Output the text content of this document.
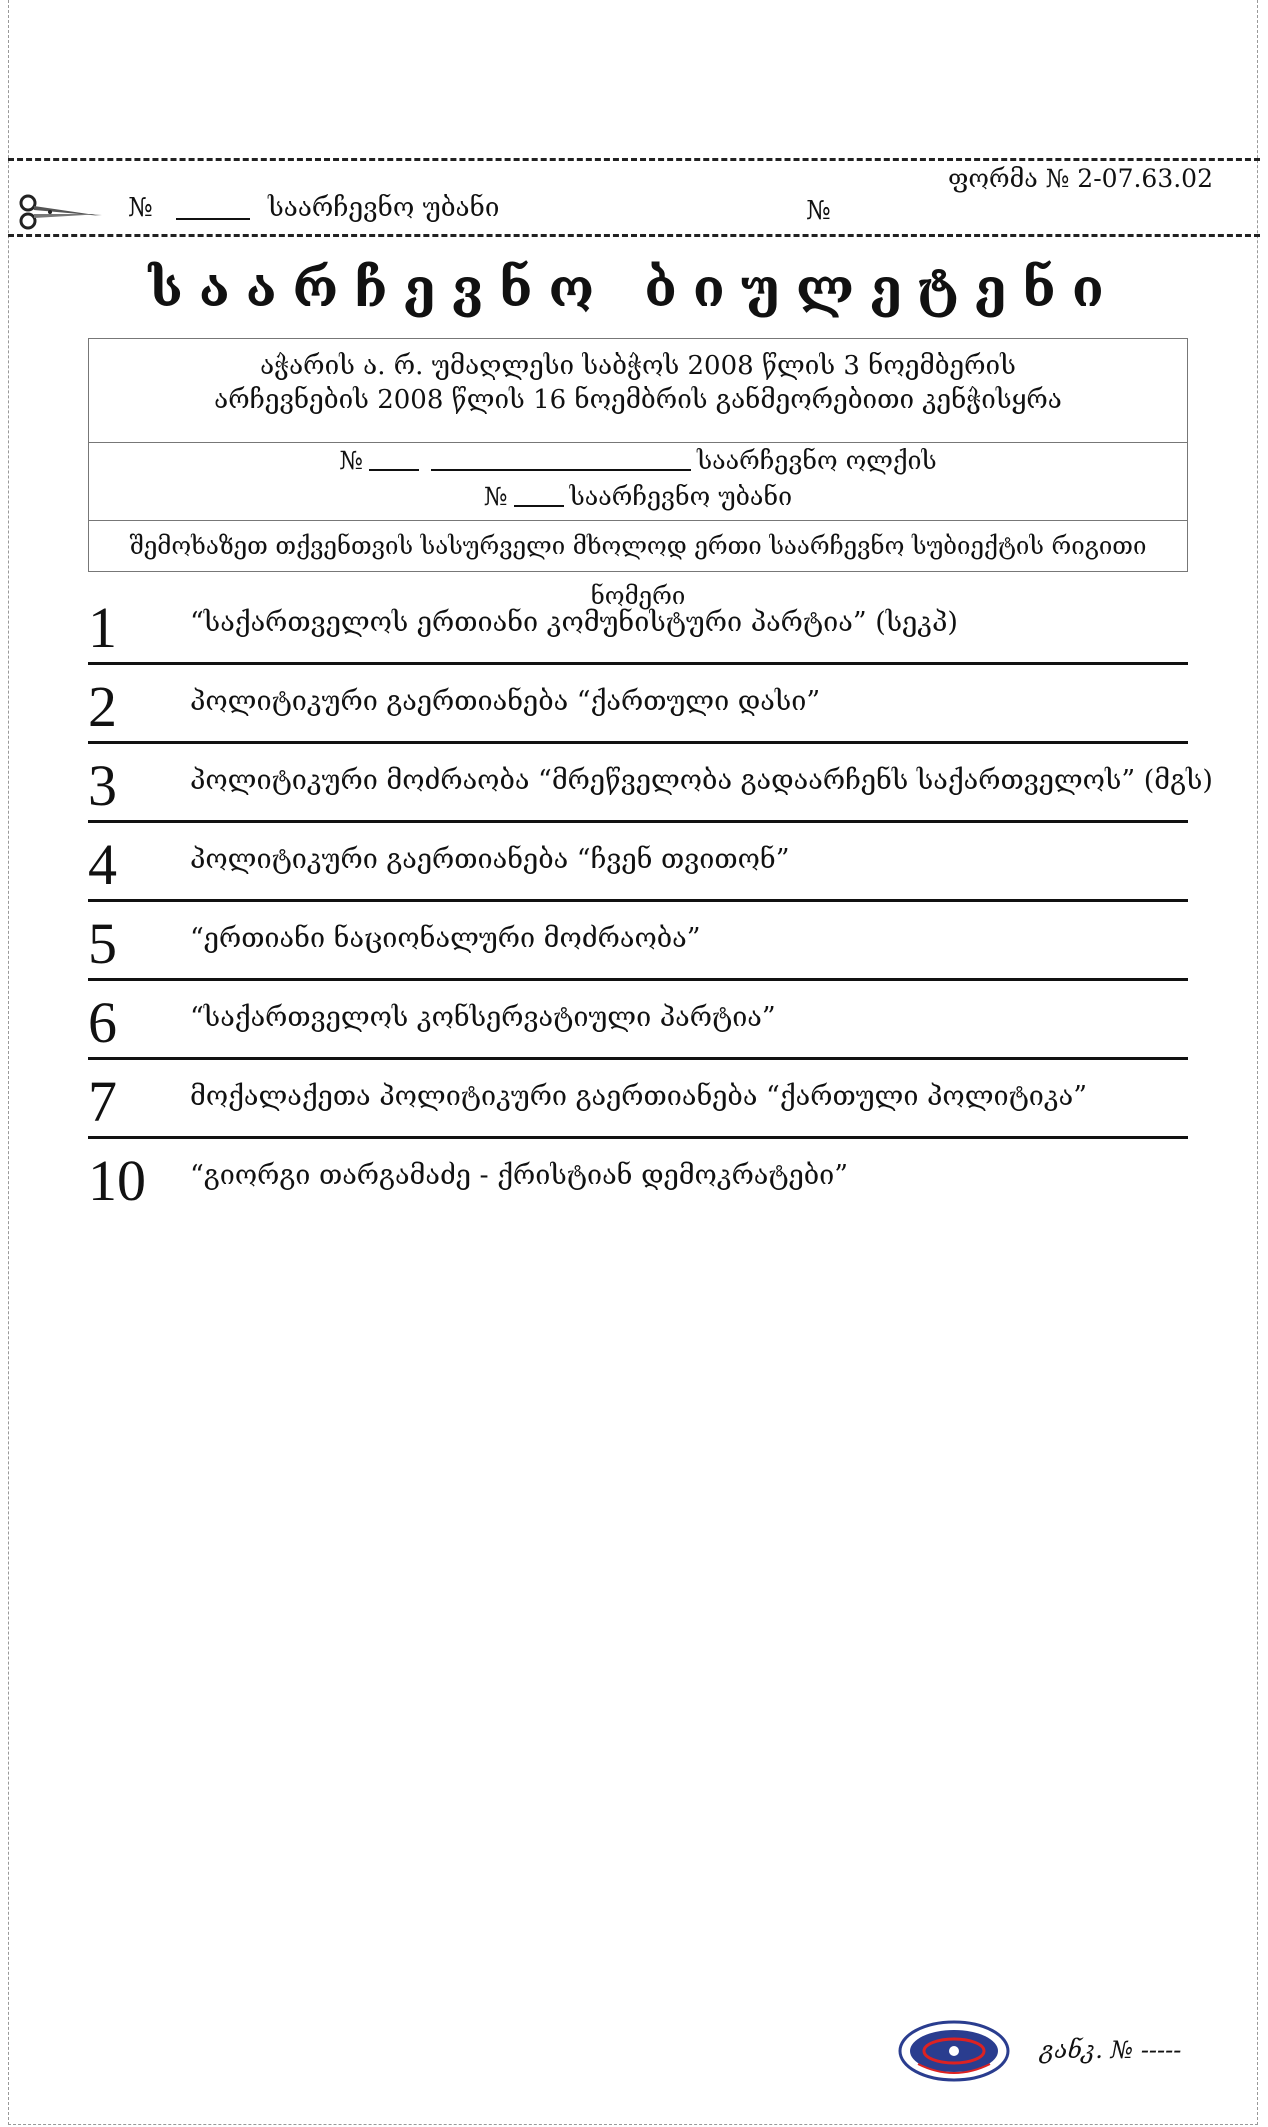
№	საარჩევნო უბანი	№
ფორმა № 2-07.63.02
საარჩევნო ბიულეტენი
აჭარის ა. რ. უმაღლესი საბჭოს 2008 წლის 3 ნოემბერის
არჩევნების 2008 წლის 16 ნოემბრის განმეორებითი კენჭისყრა
№	საარჩევნო ოლქის
№ საარჩევნო უბანი
შემოხაზეთ თქვენთვის სასურველი მხოლოდ ერთი საარჩევნო სუბიექტის რიგითი ნომერი
1	“საქართველოს ერთიანი კომუნისტური პარტია” (სეკპ)
2	პოლიტიკური გაერთიანება “ქართული დასი”
3	პოლიტიკური მოძრაობა “მრეწველობა გადაარჩენს საქართველოს” (მგს)
4	პოლიტიკური გაერთიანება “ჩვენ თვითონ”
5	“ერთიანი ნაციონალური მოძრაობა”
6	“საქართველოს კონსერვატიული პარტია”
7	მოქალაქეთა პოლიტიკური გაერთიანება “ქართული პოლიტიკა”
10 “გიორგი თარგამაძე - ქრისტიან დემოკრატები”
განკ. № -----
